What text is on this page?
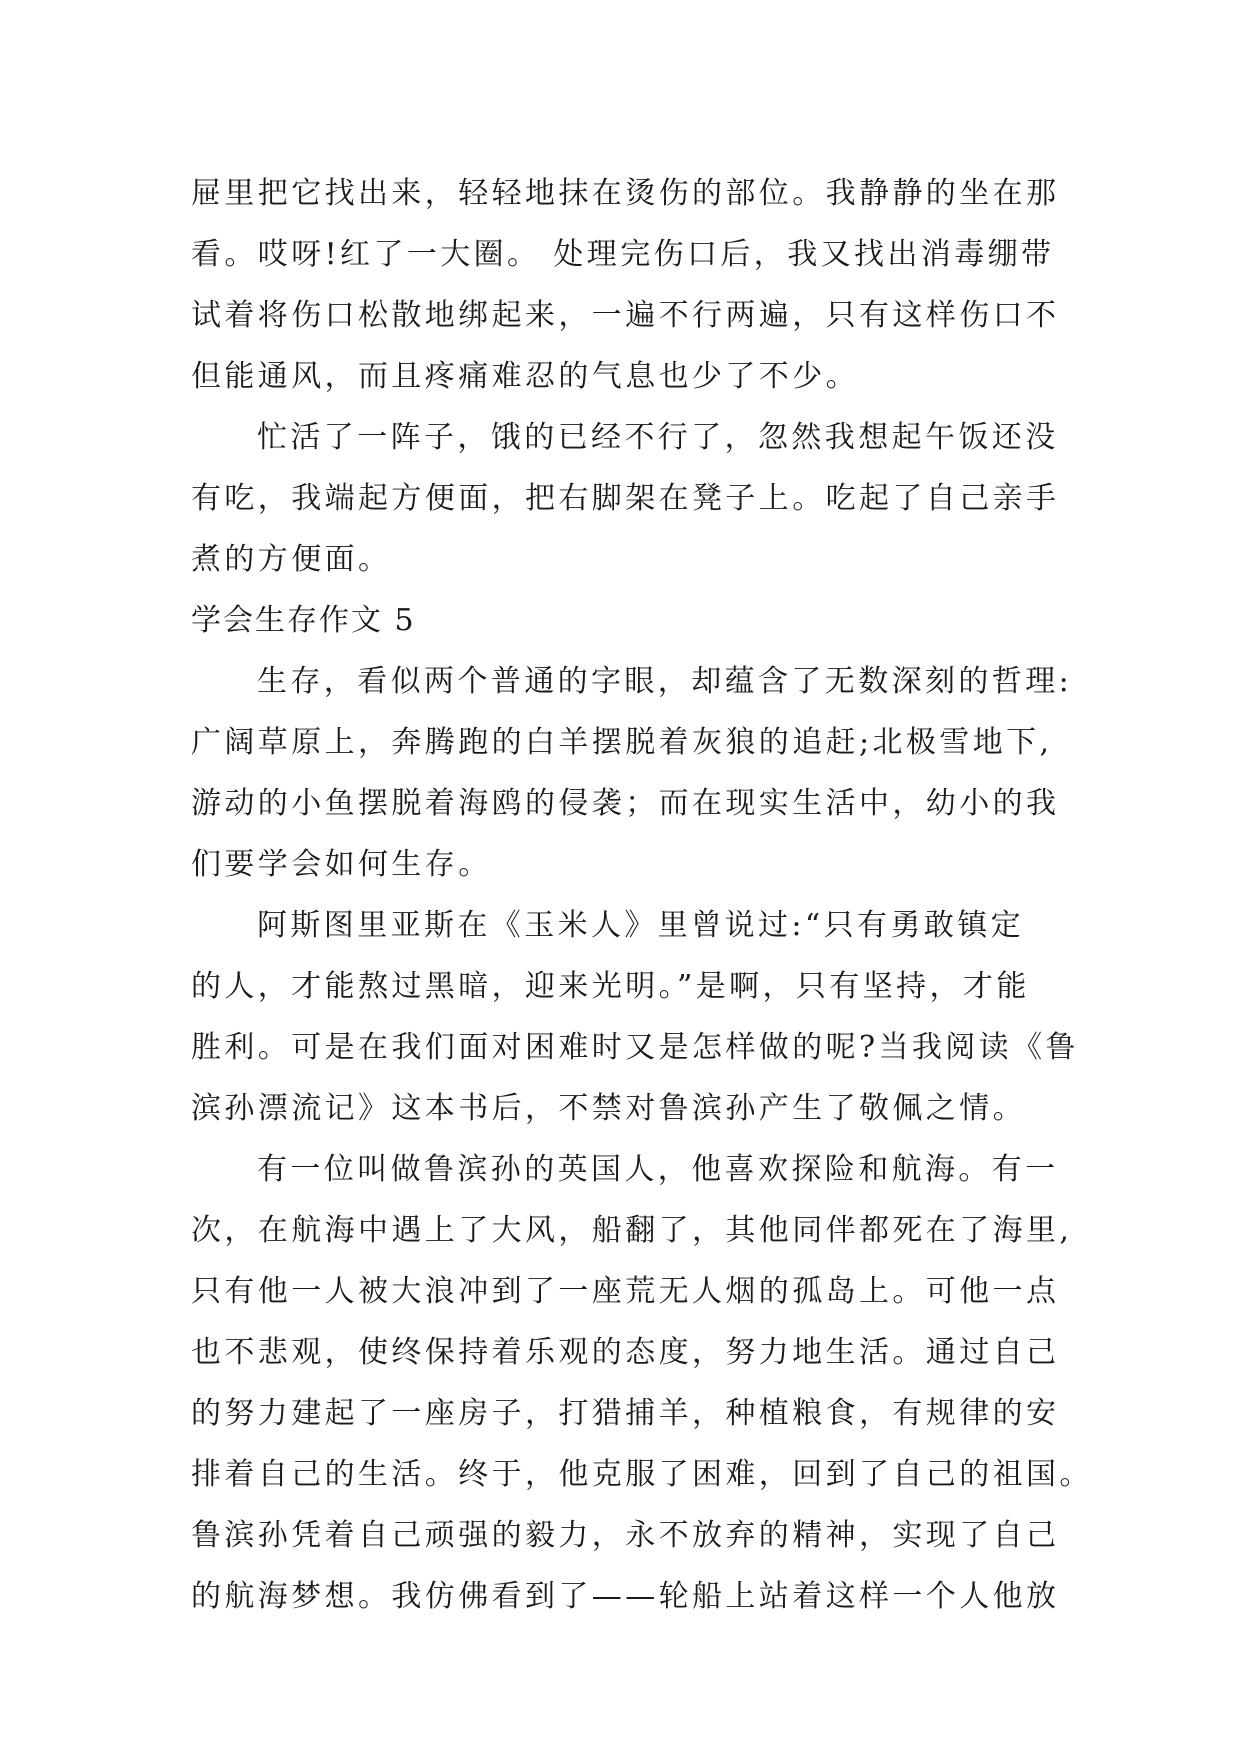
屉里把它找出来，轻轻地抹在烫伤的部位。我静静的坐在那
看。哎呀!红了一大圈。 处理完伤口后，我又找出消毒绷带
试着将伤口松散地绑起来，一遍不行两遍，只有这样伤口不
但能通风，而且疼痛难忍的气息也少了不少。
忙活了一阵子，饿的已经不行了，忽然我想起午饭还没
有吃，我端起方便面，把右脚架在凳子上。吃起了自己亲手
煮的方便面。
学会生存作文 5
生存，看似两个普通的字眼，却蕴含了无数深刻的哲理:
广阔草原上，奔腾跑的白羊摆脱着灰狼的追赶;北极雪地下,
游动的小鱼摆脱着海鸥的侵袭；而在现实生活中，幼小的我
们要学会如何生存。
阿斯图里亚斯在《玉米人》里曾说过:“只有勇敢镇定
的人，才能熬过黑暗，迎来光明。”是啊，只有坚持，才能
胜利。可是在我们面对困难时又是怎样做的呢?当我阅读《鲁
滨孙漂流记》这本书后，不禁对鲁滨孙产生了敬佩之情。
有一位叫做鲁滨孙的英国人，他喜欢探险和航海。有一
次，在航海中遇上了大风，船翻了，其他同伴都死在了海里,
只有他一人被大浪冲到了一座荒无人烟的孤岛上。可他一点
也不悲观，使终保持着乐观的态度，努力地生活。通过自己
的努力建起了一座房子，打猎捕羊，种植粮食，有规律的安
排着自己的生活。终于，他克服了困难，回到了自己的祖国。
鲁滨孙凭着自己顽强的毅力，永不放弃的精神，实现了自己
的航海梦想。我仿佛看到了——轮船上站着这样一个人他放
